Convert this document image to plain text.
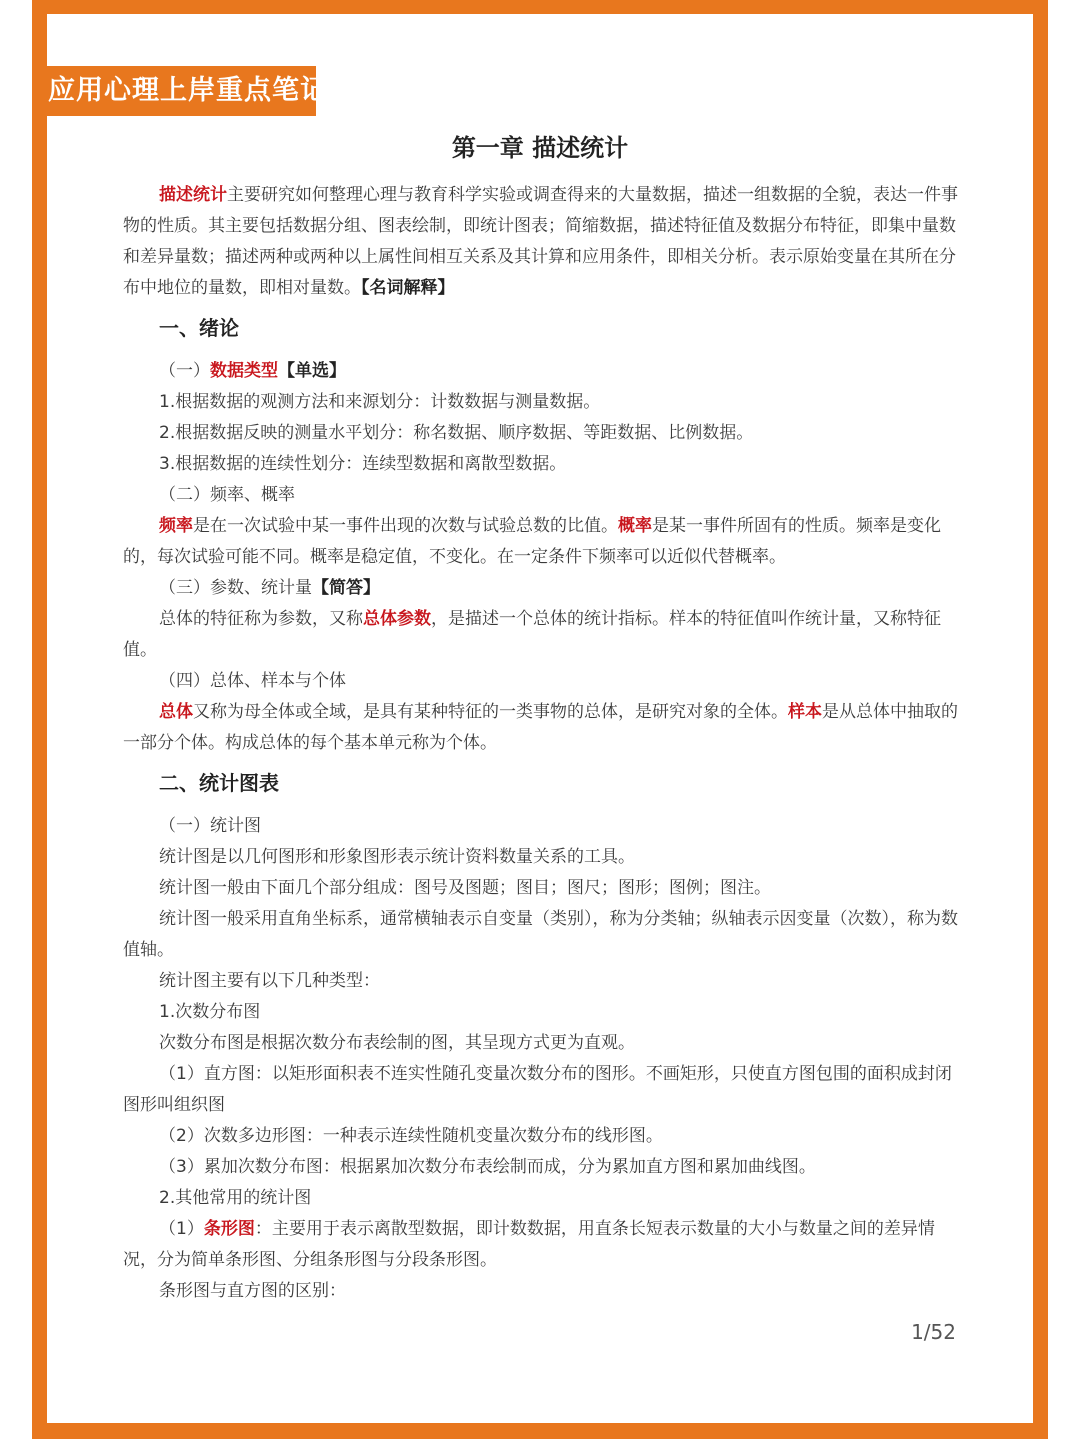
应用心理上岸重点笔记
第一章 描述统计

描述统计主要研究如何整理心理与教育科学实验或调查得来的大量数据，描述一组数据的全貌，表达一件事物的性质。其主要包括数据分组、图表绘制，即统计图表；简缩数据，描述特征值及数据分布特征，即集中量数和差异量数；描述两种或两种以上属性间相互关系及其计算和应用条件，即相关分析。表示原始变量在其所在分布中地位的量数，即相对量数。【名词解释】

一、绪论

（一）数据类型【单选】

1.根据数据的观测方法和来源划分：计数数据与测量数据。

2.根据数据反映的测量水平划分：称名数据、顺序数据、等距数据、比例数据。

3.根据数据的连续性划分：连续型数据和离散型数据。

（二）频率、概率

频率是在一次试验中某一事件出现的次数与试验总数的比值。概率是某一事件所固有的性质。频率是变化的，每次试验可能不同。概率是稳定值，不变化。在一定条件下频率可以近似代替概率。

（三）参数、统计量【简答】

总体的特征称为参数，又称总体参数，是描述一个总体的统计指标。样本的特征值叫作统计量，又称特征值。

（四）总体、样本与个体

总体又称为母全体或全域，是具有某种特征的一类事物的总体，是研究对象的全体。样本是从总体中抽取的一部分个体。构成总体的每个基本单元称为个体。

二、统计图表

（一）统计图

统计图是以几何图形和形象图形表示统计资料数量关系的工具。

统计图一般由下面几个部分组成：图号及图题；图目；图尺；图形；图例；图注。

统计图一般采用直角坐标系，通常横轴表示自变量（类别），称为分类轴；纵轴表示因变量（次数），称为数值轴。

统计图主要有以下几种类型：

1.次数分布图

次数分布图是根据次数分布表绘制的图，其呈现方式更为直观。

（1）直方图：以矩形面积表不连实性随孔变量次数分布的图形。不画矩形，只使直方图包围的面积成封闭图形叫组织图

（2）次数多边形图：一种表示连续性随机变量次数分布的线形图。

（3）累加次数分布图：根据累加次数分布表绘制而成，分为累加直方图和累加曲线图。

2.其他常用的统计图

（1）条形图：主要用于表示离散型数据，即计数数据，用直条长短表示数量的大小与数量之间的差异情况，分为简单条形图、分组条形图与分段条形图。

条形图与直方图的区别：

1/52
